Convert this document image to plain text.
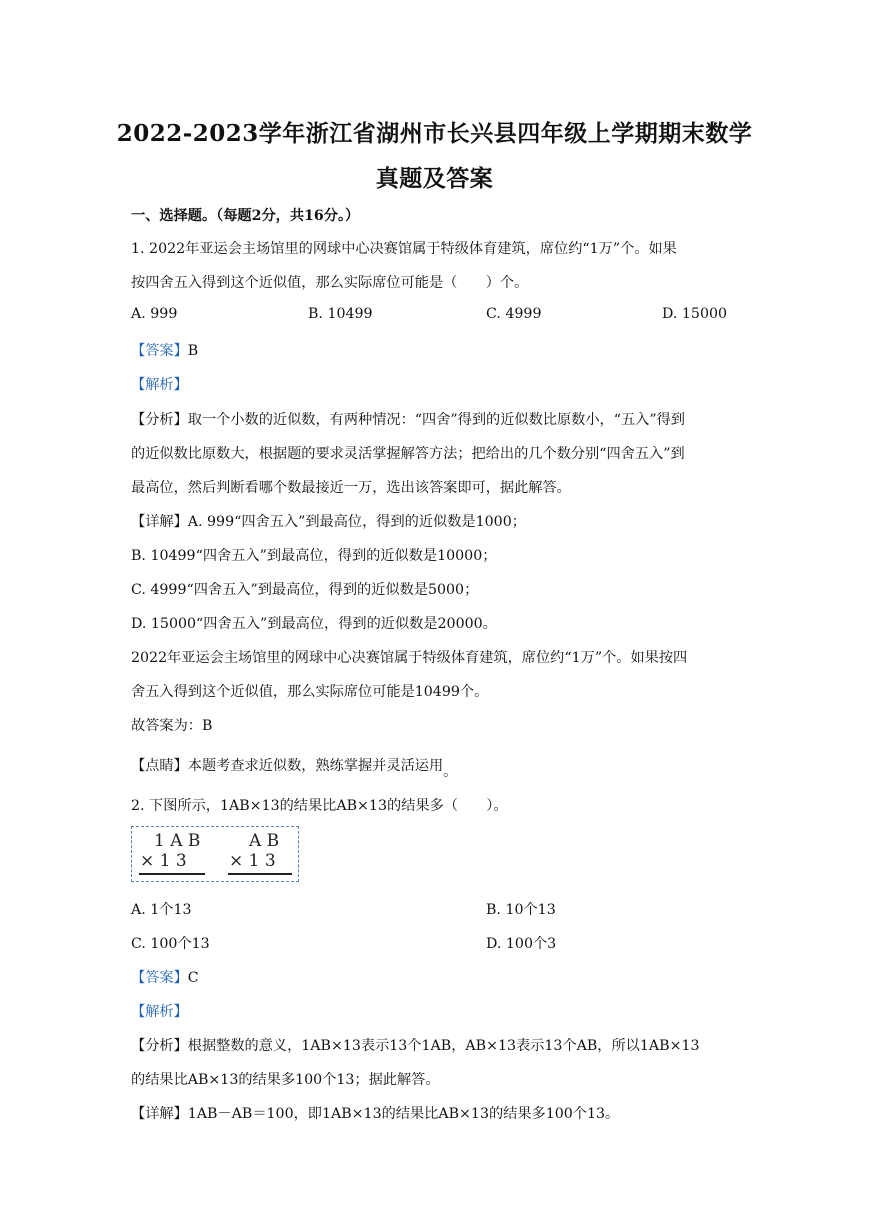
2022-2023学年浙江省湖州市长兴县四年级上学期期末数学
真题及答案
一、选择题。（每题2分，共16分。）
1. 2022年亚运会主场馆里的网球中心决赛馆属于特级体育建筑，席位约“1万”个。如果
按四舍五入得到这个近似值，那么实际席位可能是（　　）个。
A. 999	B. 10499	C. 4999	D. 15000
【答案】B
【解析】
【分析】取一个小数的近似数，有两种情况：“四舍”得到的近似数比原数小，“五入”得到
的近似数比原数大，根据题的要求灵活掌握解答方法；把给出的几个数分别“四舍五入”到
最高位，然后判断看哪个数最接近一万，选出该答案即可，据此解答。
【详解】A. 999“四舍五入”到最高位，得到的近似数是1000；
B. 10499“四舍五入”到最高位，得到的近似数是10000；
C. 4999“四舍五入”到最高位，得到的近似数是5000；
D. 15000“四舍五入”到最高位，得到的近似数是20000。
2022年亚运会主场馆里的网球中心决赛馆属于特级体育建筑，席位约“1万”个。如果按四
舍五入得到这个近似值，那么实际席位可能是10499个。
故答案为：B
【点睛】本题考查求近似数，熟练掌握并灵活运用。
2. 下图所示，1AB×13的结果比AB×13的结果多（　　）。
1 A B
× 1 3
A B
× 1 3
A. 1个13	B. 10个13
C. 100个13	D. 100个3
【答案】C
【解析】
【分析】根据整数的意义，1AB×13表示13个1AB，AB×13表示13个AB，所以1AB×13
的结果比AB×13的结果多100个13；据此解答。
【详解】1AB－AB＝100，即1AB×13的结果比AB×13的结果多100个13。
